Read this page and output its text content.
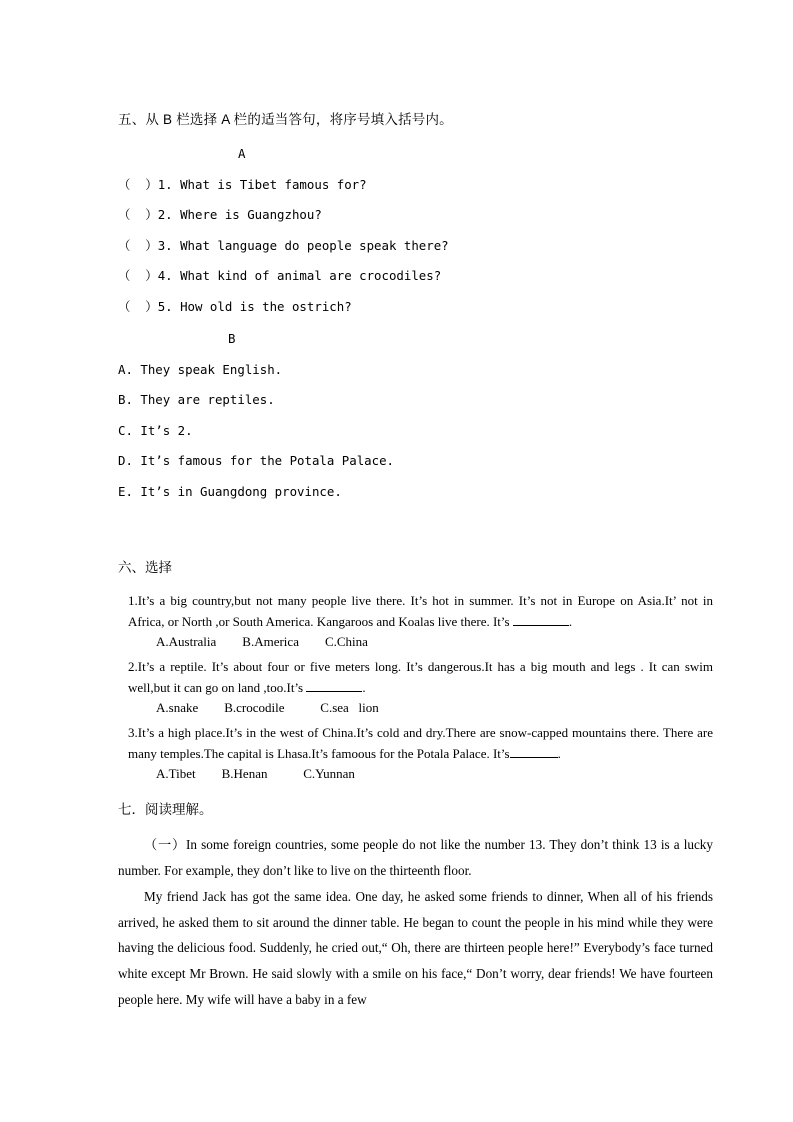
五、从 B 栏选择 A 栏的适当答句，将序号填入括号内。
A
（  ）1. What is Tibet famous for?
（  ）2. Where is Guangzhou?
（  ）3. What language do people speak there?
（  ）4. What kind of animal are crocodiles?
（  ）5. How old is the ostrich?
B
A. They speak English.
B. They are reptiles.
C. It’s 2.
D. It’s famous for the Potala Palace.
E. It’s in Guangdong province.
六、选择
1.It’s a big country,but not many people live there. It’s hot in summer. It’s not in Europe on Asia.It’ not in Africa, or North ,or South America. Kangaroos and Koalas live there. It’s	.
A.Australia        B.America        C.China
2.It’s a reptile. It’s about four or five meters long. It’s dangerous.It has a big mouth and legs . It can swim well,but it can go on land ,too.It’s	.
A.snake        B.crocodile           C.sea   lion
3.It’s a high place.It’s in the west of China.It’s cold and dry.There are snow-capped mountains there. There are many temples.The capital is Lhasa.It’s famoous for the Potala Palace. It’s	.
A.Tibet        B.Henan           C.Yunnan
七．阅读理解。
（一）In some foreign countries, some people do not like the number 13. They don’t think 13 is a lucky number. For example, they don’t like to live on the thirteenth floor.
My friend Jack has got the same idea. One day, he asked some friends to dinner, When all of his friends arrived, he asked them to sit around the dinner table. He began to count the people in his mind while they were having the delicious food. Suddenly, he cried out,“ Oh, there are thirteen people here!” Everybody’s face turned white except Mr Brown. He said slowly with a smile on his face,“ Don’t worry, dear friends! We have fourteen people here. My wife will have a baby in a few
